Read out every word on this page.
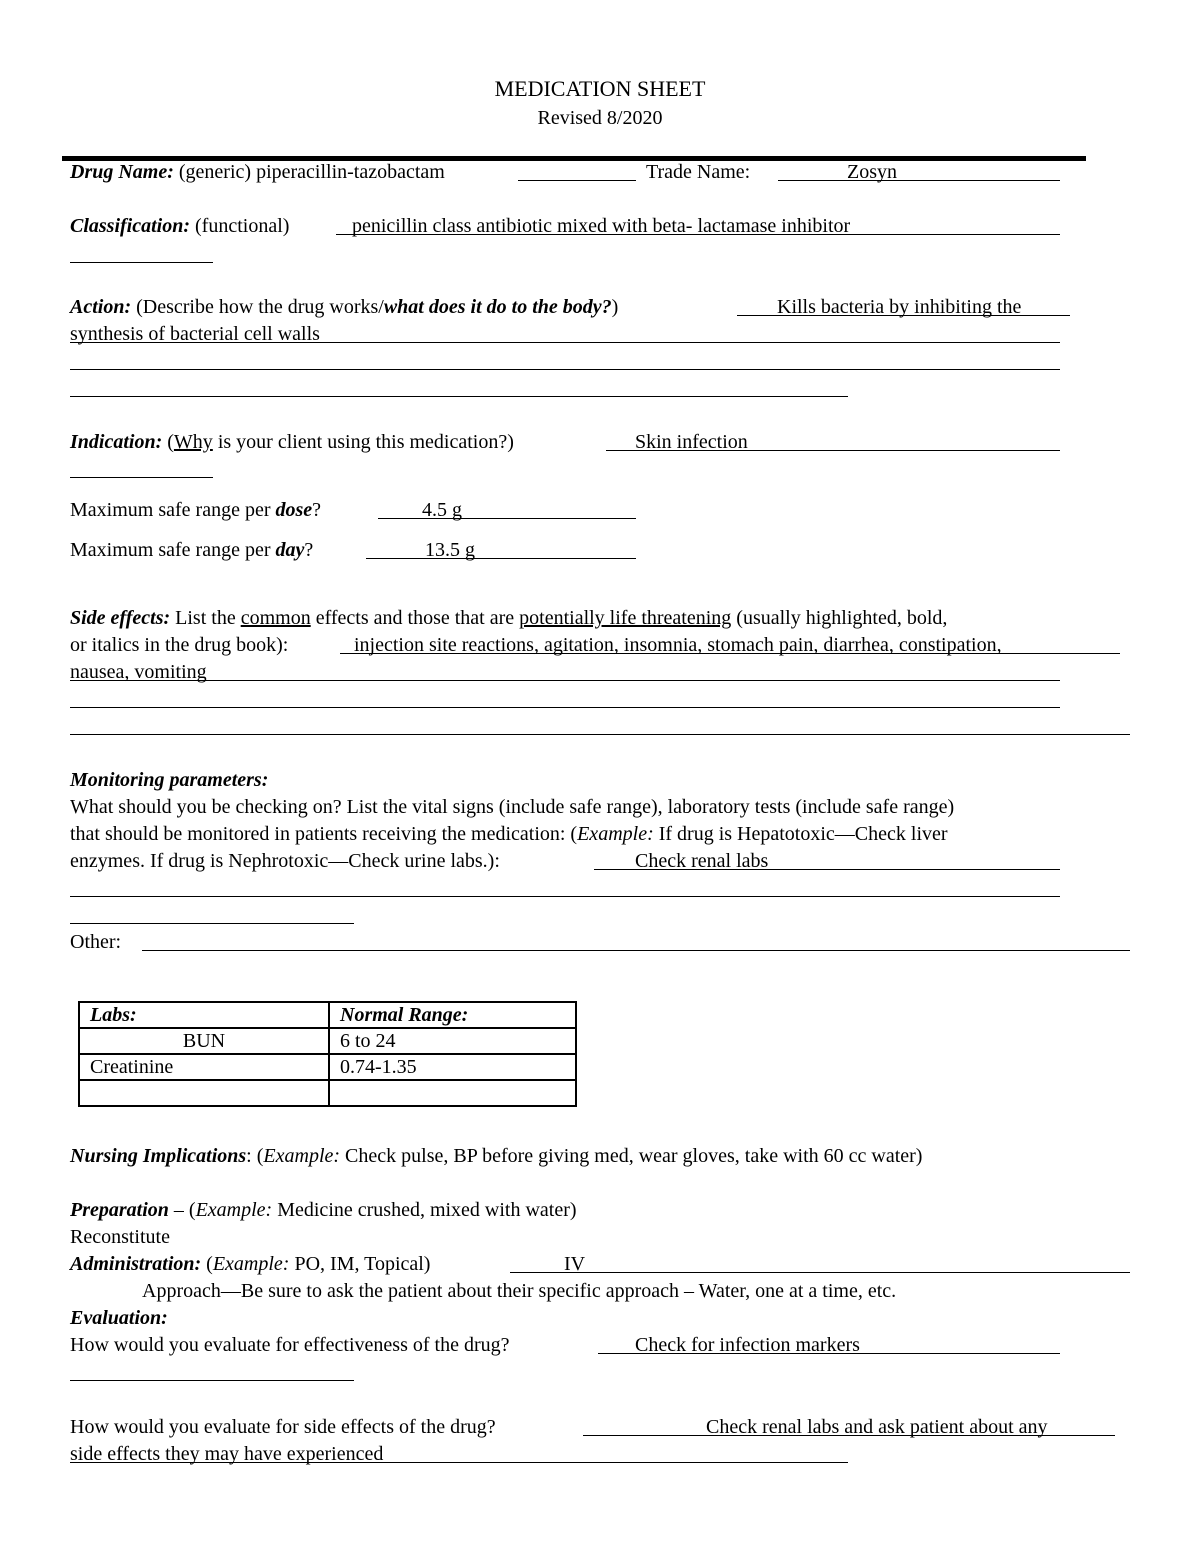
MEDICATION SHEET
Revised 8/2020
Drug Name: (generic) piperacillin-tazobactam	Trade Name:	Zosyn
Classification: (functional)	penicillin class antibiotic mixed with beta- lactamase inhibitor
Action: (Describe how the drug works/what does it do to the body?)	Kills bacteria by inhibiting the
synthesis of bacterial cell walls
Indication: (Why is your client using this medication?)	Skin infection
Maximum safe range per dose?	4.5 g
Maximum safe range per day?	13.5 g
Side effects: List the common effects and those that are potentially life threatening (usually highlighted, bold,
or italics in the drug book):	injection site reactions, agitation, insomnia, stomach pain, diarrhea, constipation,
nausea, vomiting
Monitoring parameters:
What should you be checking on? List the vital signs (include safe range), laboratory tests (include safe range)
that should be monitored in patients receiving the medication: (Example: If drug is Hepatotoxic—Check liver
enzymes. If drug is Nephrotoxic—Check urine labs.):	Check renal labs
Other:
Labs:	Normal Range:
BUN	6 to 24
Creatinine	0.74-1.35

Nursing Implications: (Example: Check pulse, BP before giving med, wear gloves, take with 60 cc water)
Preparation – (Example: Medicine crushed, mixed with water)
Reconstitute
Administration: (Example: PO, IM, Topical)	IV
Approach—Be sure to ask the patient about their specific approach – Water, one at a time, etc.
Evaluation:
How would you evaluate for effectiveness of the drug?	Check for infection markers
How would you evaluate for side effects of the drug?	Check renal labs and ask patient about any
side effects they may have experienced
